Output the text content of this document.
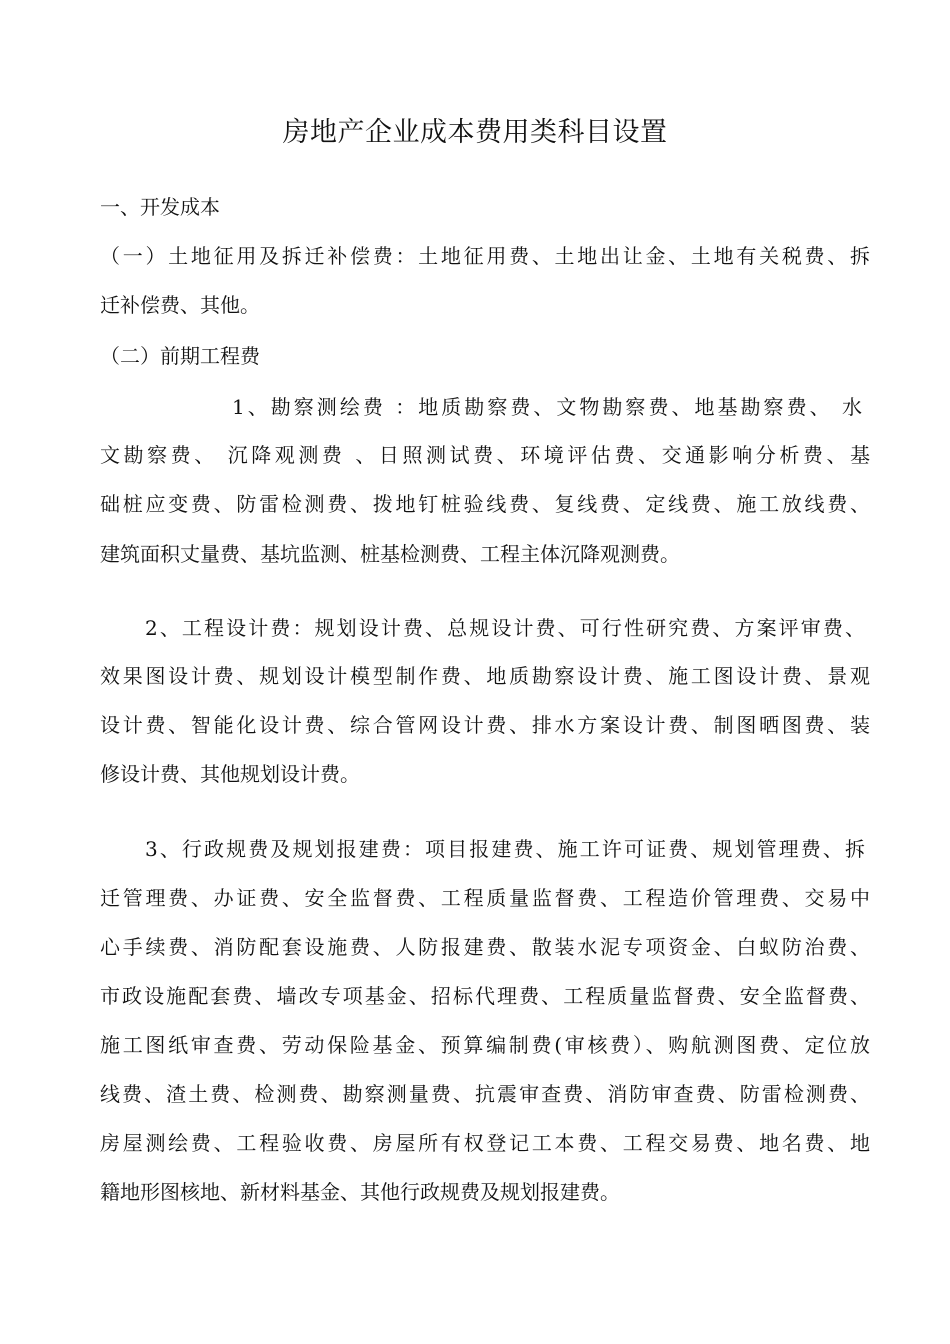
房地产企业成本费用类科目设置
一、开发成本
（一）土地征用及拆迁补偿费：土地征用费、土地出让金、土地有关税费、拆
迁补偿费、其他。
（二）前期工程费
1、勘察测绘费 ：地质勘察费、文物勘察费、地基勘察费、 水
文勘察费、 沉降观测费 、日照测试费、环境评估费、交通影响分析费、基
础桩应变费、防雷检测费、拨地钉桩验线费、复线费、定线费、施工放线费、
建筑面积丈量费、基坑监测、桩基检测费、工程主体沉降观测费。
2、工程设计费：规划设计费、总规设计费、可行性研究费、方案评审费、
效果图设计费、规划设计模型制作费、地质勘察设计费、施工图设计费、景观
设计费、智能化设计费、综合管网设计费、排水方案设计费、制图晒图费、装
修设计费、其他规划设计费。
3、行政规费及规划报建费：项目报建费、施工许可证费、规划管理费、拆
迁管理费、办证费、安全监督费、工程质量监督费、工程造价管理费、交易中
心手续费、消防配套设施费、人防报建费、散装水泥专项资金、白蚁防治费、
市政设施配套费、墙改专项基金、招标代理费、工程质量监督费、安全监督费、
施工图纸审查费、劳动保险基金、预算编制费(审核费）、购航测图费、定位放
线费、渣土费、检测费、勘察测量费、抗震审查费、消防审查费、防雷检测费、
房屋测绘费、工程验收费、房屋所有权登记工本费、工程交易费、地名费、地
籍地形图核地、新材料基金、其他行政规费及规划报建费。
